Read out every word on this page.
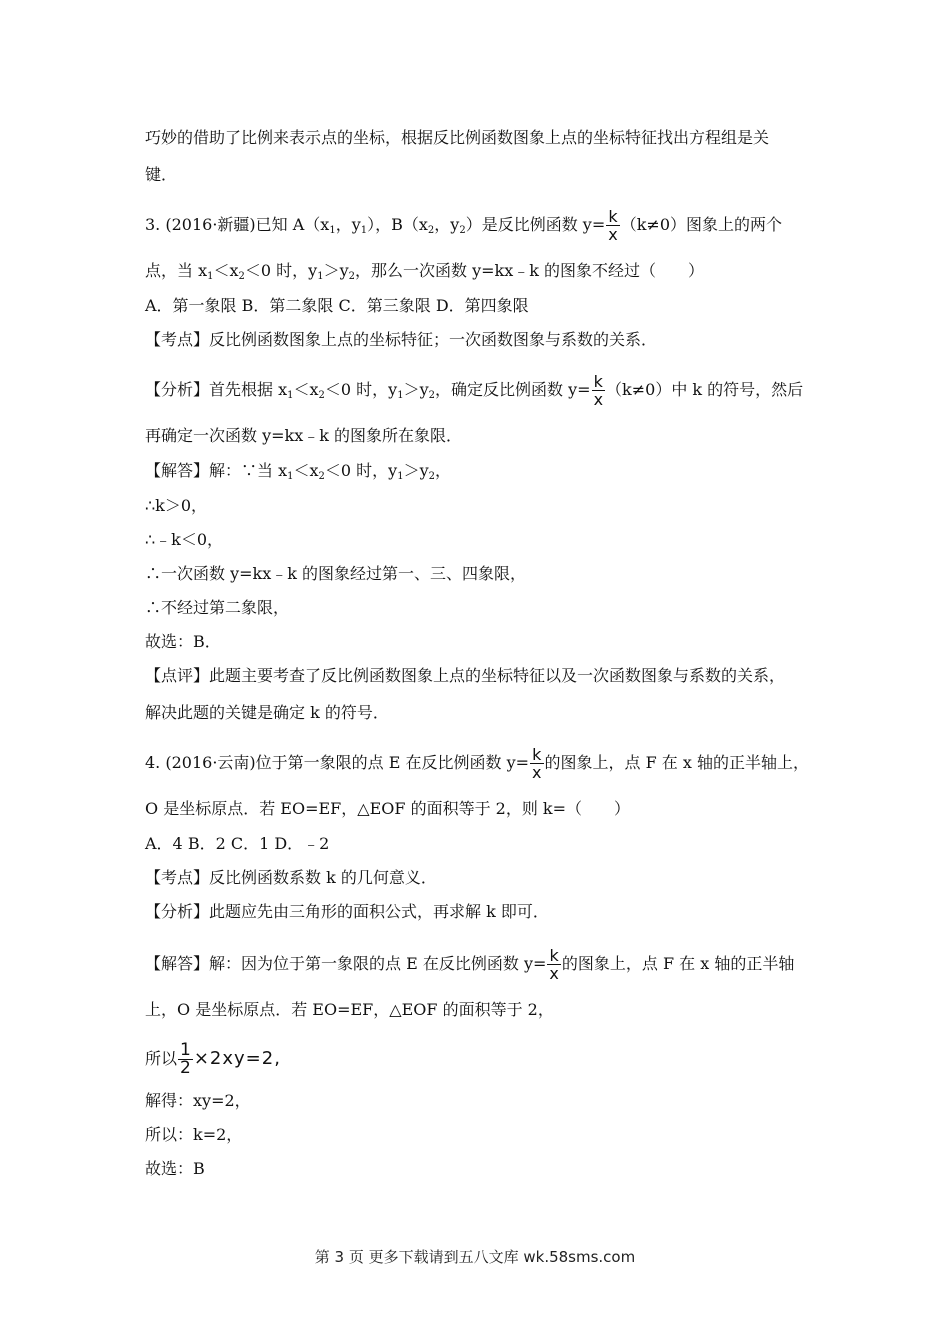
巧妙的借助了比例来表示点的坐标，根据反比例函数图象上点的坐标特征找出方程组是关
键．
3. (2016·新疆)已知 $A(x_1$，$y_1$），$B(x_2$，$y_2$）是反比例函数 $y= \frac{k}{x} (k\ne 0)$图象上的两个
点，当 $x_1<x_2<0$ 时，$y_1>y_2$，那么一次函数 y=kx﹣k 的图象不经过（　　）
A．第一象限 B．第二象限 C．第三象限 D．第四象限
【考点】反比例函数图象上点的坐标特征；一次函数图象与系数的关系．
【分析】首先根据 $x_1<x_2<0$ 时，$y_1>y_2$，确定反比例函数 $y= \frac{k}{x} (k\ne 0)$中 k 的符号，然后
再确定一次函数 y=kx﹣k 的图象所在象限．
【解答】解：∵当 $x_1<x_2<0$ 时，$y_1>y_2$，
∴k＞0，
∴﹣k＜0，
∴一次函数 y=kx﹣k 的图象经过第一、三、四象限，
∴不经过第二象限，
故选：B．
【点评】此题主要考查了反比例函数图象上点的坐标特征以及一次函数图象与系数的关系，
解决此题的关键是确定 k 的符号．
4. (2016·云南)位于第一象限的点 E 在反比例函数 $y= \frac{k}{x}$ 的图象上，点 F 在 x 轴的正半轴上，
O 是坐标原点．若 EO=EF，△EOF 的面积等于 2，则 k=（　　）
A．4 B．2 C．1 D．﹣2
【考点】反比例函数系数 k 的几何意义．
【分析】此题应先由三角形的面积公式，再求解 k 即可．
【解答】解：因为位于第一象限的点 E 在反比例函数 $y= \frac{k}{x}$ 的图象上，点 F 在 x 轴的正半轴
上，O 是坐标原点．若 EO=EF，△EOF 的面积等于 2，
所以 $\frac{1}{2} \times 2xy=2$,
解得：xy=2，
所以：k=2，
故选：B
第 3 页 更多下载请到五八文库 wk.58sms.com
